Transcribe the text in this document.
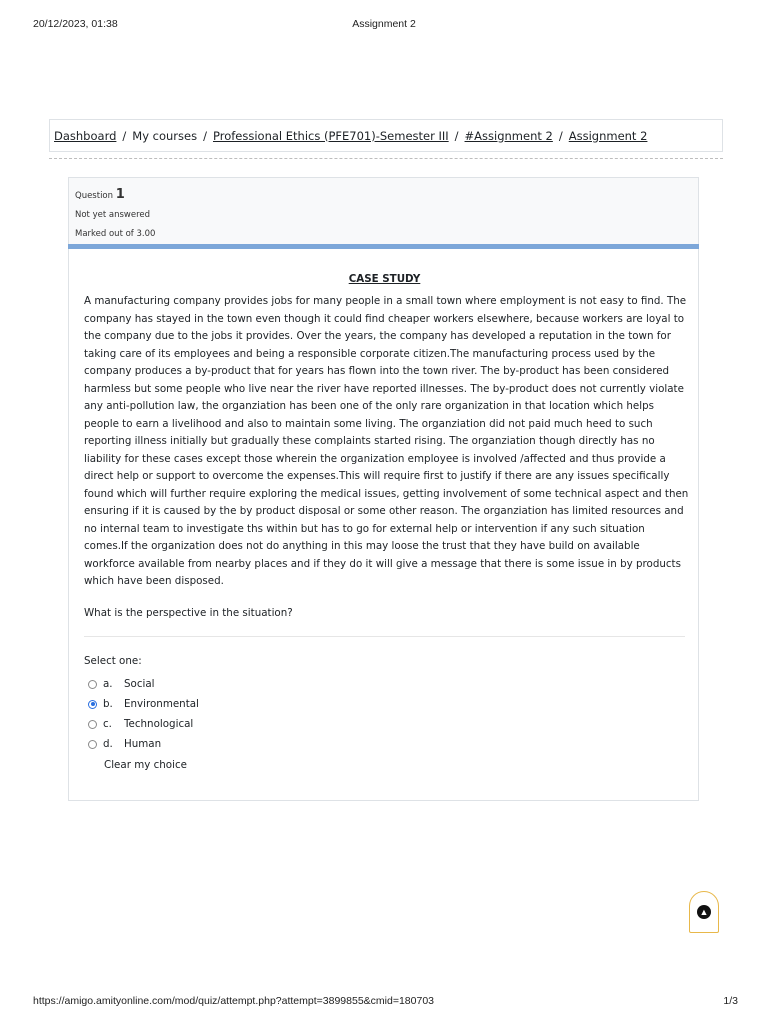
20/12/2023, 01:38	Assignment 2
Dashboard / My courses / Professional Ethics (PFE701)-Semester III / #Assignment 2 / Assignment 2
Question 1
Not yet answered
Marked out of 3.00
CASE STUDY

A manufacturing company provides jobs for many people in a small town where employment is not easy to find. The company has stayed in the town even though it could find cheaper workers elsewhere, because workers are loyal to the company due to the jobs it provides. Over the years, the company has developed a reputation in the town for taking care of its employees and being a responsible corporate citizen.The manufacturing process used by the company produces a by-product that for years has flown into the town river. The by-product has been considered harmless but some people who live near the river have reported illnesses. The by-product does not currently violate any anti-pollution law, the organziation has been one of the only rare organization in that location which helps people to earn a livelihood and also to maintain some living. The organziation did not paid much heed to such reporting illness initially but gradually these complaints started rising. The organziation though directly has no liability for these cases except those wherein the organization employee is involved /affected and thus provide a direct help or support to overcome the expenses.This will require first to justify if there are any issues specifically found which will further require exploring the medical issues, getting involvement of some technical aspect and then ensuring if it is caused by the by product disposal or some other reason. The organziation has limited resources and no internal team to investigate ths within but has to go for external help or intervention if any such situation comes.If the organization does not do anything in this may loose the trust that they have build on available workforce available from nearby places and if they do it will give a message that there is some issue in by products which have been disposed.

What is the perspective in the situation?

Select one:
a.	Social
b.	Environmental
c.	Technological
d.	Human
Clear my choice
▲
https://amigo.amityonline.com/mod/quiz/attempt.php?attempt=3899855&cmid=180703	1/3
